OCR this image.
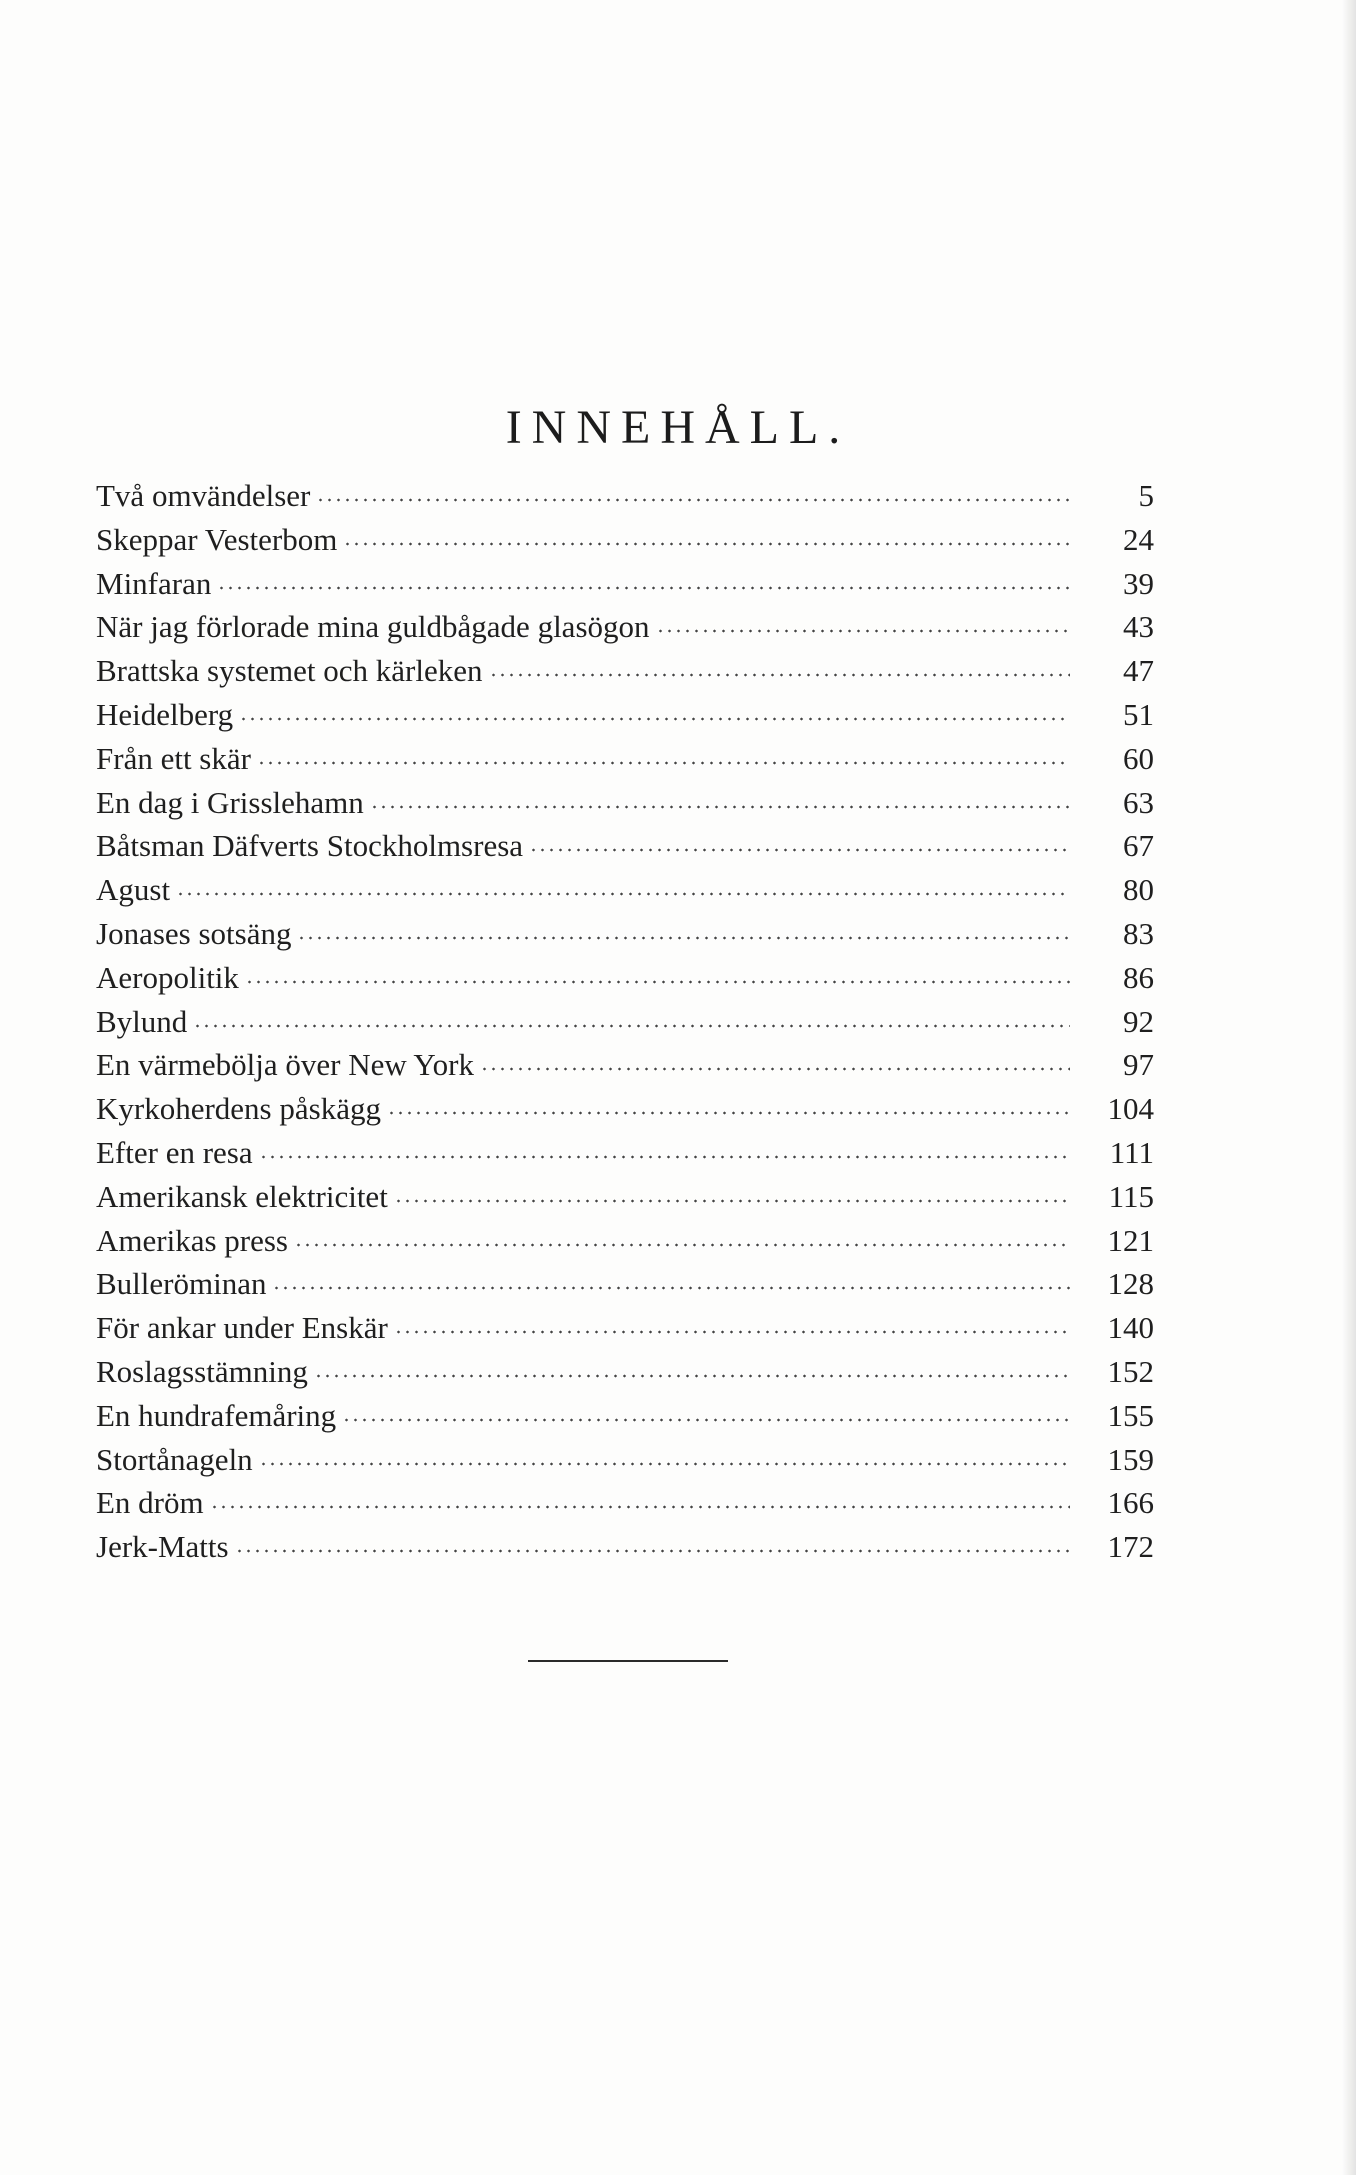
INNEHÅLL.
Två omvändelser	5
Skeppar Vesterbom	24
Minfaran	39
När jag förlorade mina guldbågade glasögon	43
Brattska systemet och kärleken	47
Heidelberg	51
Från ett skär	60
En dag i Grisslehamn	63
Båtsman Däfverts Stockholmsresa	67
Agust	80
Jonases sotsäng	83
Aeropolitik	86
Bylund	92
En värmebölja över New York	97
Kyrkoherdens påskägg	104
Efter en resa	111
Amerikansk elektricitet	115
Amerikas press	121
Bulleröminan	128
För ankar under Enskär	140
Roslagsstämning	152
En hundrafemåring	155
Stortånageln	159
En dröm	166
Jerk-Matts	172
